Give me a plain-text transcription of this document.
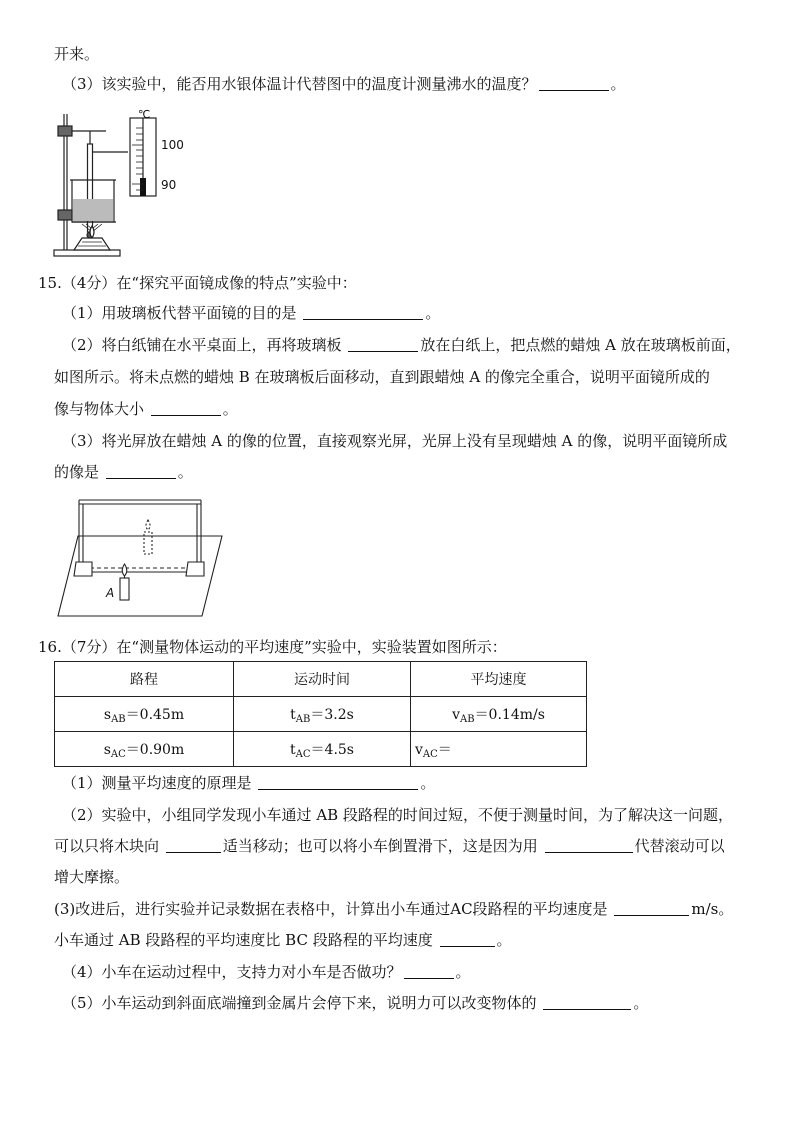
开来。
（3）该实验中，能否用水银体温计代替图中的温度计测量沸水的温度？	。
℃
100
90
15.（4分）在“探究平面镜成像的特点”实验中：
（1）用玻璃板代替平面镜的目的是	。
（2）将白纸铺在水平桌面上，再将玻璃板	放在白纸上，把点燃的蜡烛 A 放在玻璃板前面，
如图所示。将未点燃的蜡烛 B 在玻璃板后面移动，直到跟蜡烛 A 的像完全重合，说明平面镜所成的
像与物体大小	。
（3）将光屏放在蜡烛 A 的像的位置，直接观察光屏，光屏上没有呈现蜡烛 A 的像，说明平面镜所成
的像是	。
A
16.（7分）在“测量物体运动的平均速度”实验中，实验装置如图所示：
路程	运动时间	平均速度
$s_{AB}=0.45m$	$t_{AB}=3.2s$	$v_{AB}=0.14m/s$
$s_{AC}=0.90m$	$t_{AC}=4.5s$	$v_{AC}=$
（1）测量平均速度的原理是	。
（2）实验中，小组同学发现小车通过 AB 段路程的时间过短，不便于测量时间，为了解决这一问题，
可以只将木块向	适当移动；也可以将小车倒置滑下，这是因为用	代替滚动可以
增大摩擦。
(3)改进后，进行实验并记录数据在表格中，计算出小车通过AC段路程的平均速度是	m/s。
小车通过 AB 段路程的平均速度比 BC 段路程的平均速度	。
（4）小车在运动过程中，支持力对小车是否做功？	。
（5）小车运动到斜面底端撞到金属片会停下来，说明力可以改变物体的	。
